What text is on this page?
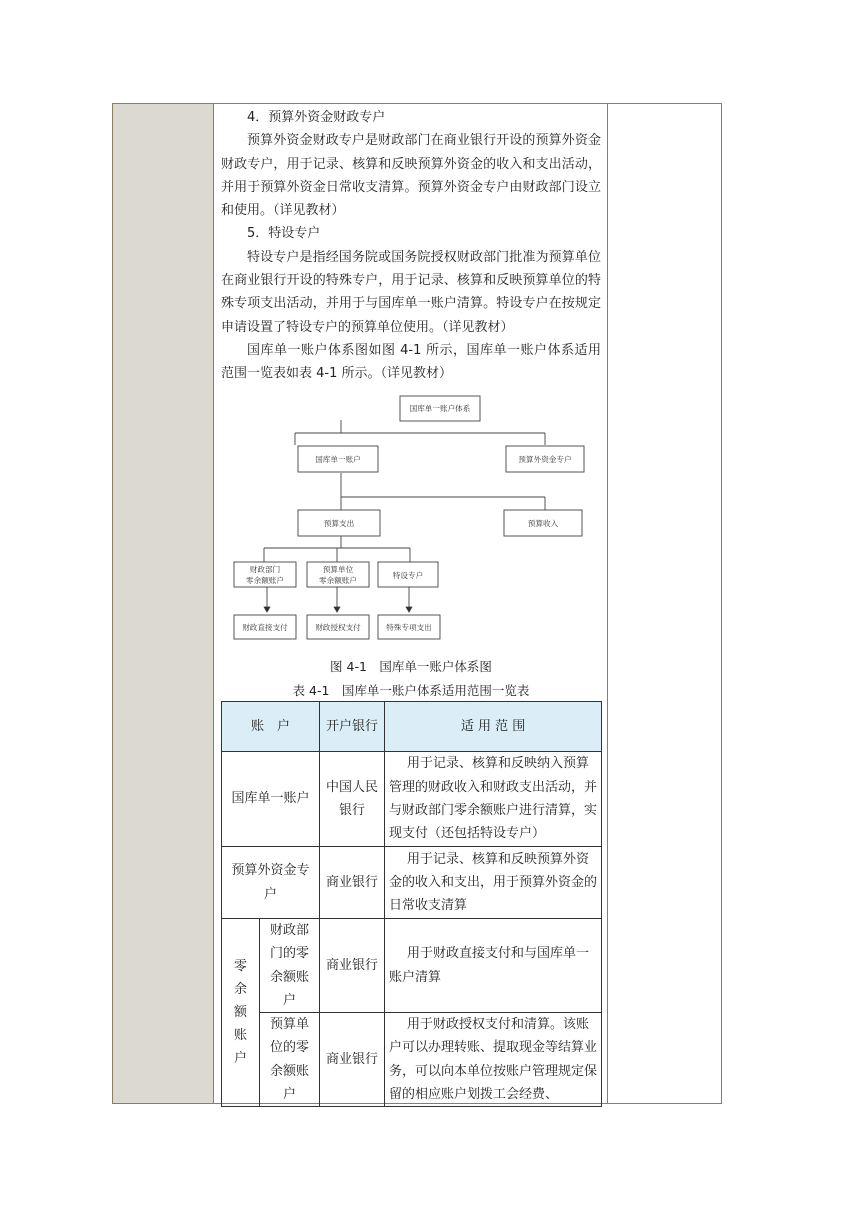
4．预算外资金财政专户

预算外资金财政专户是财政部门在商业银行开设的预算外资金财政专户，用于记录、核算和反映预算外资金的收入和支出活动，并用于预算外资金日常收支清算。预算外资金专户由财政部门设立和使用。（详见教材）

5．特设专户

特设专户是指经国务院或国务院授权财政部门批准为预算单位在商业银行开设的特殊专户，用于记录、核算和反映预算单位的特殊专项支出活动，并用于与国库单一账户清算。特设专户在按规定申请设置了特设专户的预算单位使用。（详见教材）

国库单一账户体系图如图 4-1 所示，国库单一账户体系适用范围一览表如表 4-1 所示。（详见教材）

国库单一账户体系
国库单一账户	预算外资金专户
预算支出	预算收入
财政部门
零余额账户
预算单位
零余额账户
特设专户
财政直接支付	财政授权支付	特殊专项支出
图 4-1　国库单一账户体系图
表 4-1　国库单一账户体系适用范围一览表
账　户		开户银行	适 用 范 围
国库单一账户		中国人民银行	用于记录、核算和反映纳入预算管理的财政收入和财政支出活动，并与财政部门零余额账户进行清算，实现支付（还包括特设专户）
预算外资金专户		商业银行	用于记录、核算和反映预算外资金的收入和支出，用于预算外资金的日常收支清算

零余额账户	财政部门的零余额账户	商业银行	用于财政直接支付和与国库单一账户清算
	预算单位的零余额账户	商业银行	用于财政授权支付和清算。该账户可以办理转账、提取现金等结算业务，可以向本单位按账户管理规定保留的相应账户划拨工会经费、
